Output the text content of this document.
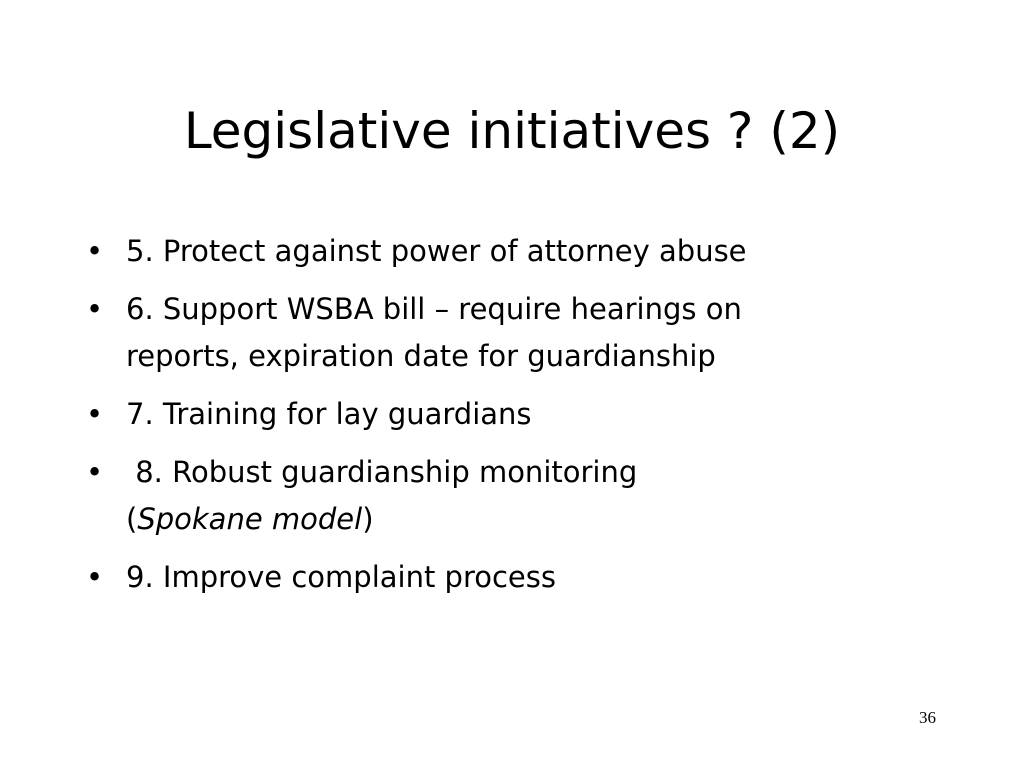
Legislative initiatives ? (2)
• 5. Protect against power of attorney abuse
• 6. Support WSBA bill – require hearings on
reports, expiration date for guardianship
• 7. Training for lay guardians
• 8. Robust guardianship monitoring
(Spokane model)
• 9. Improve complaint process
36
